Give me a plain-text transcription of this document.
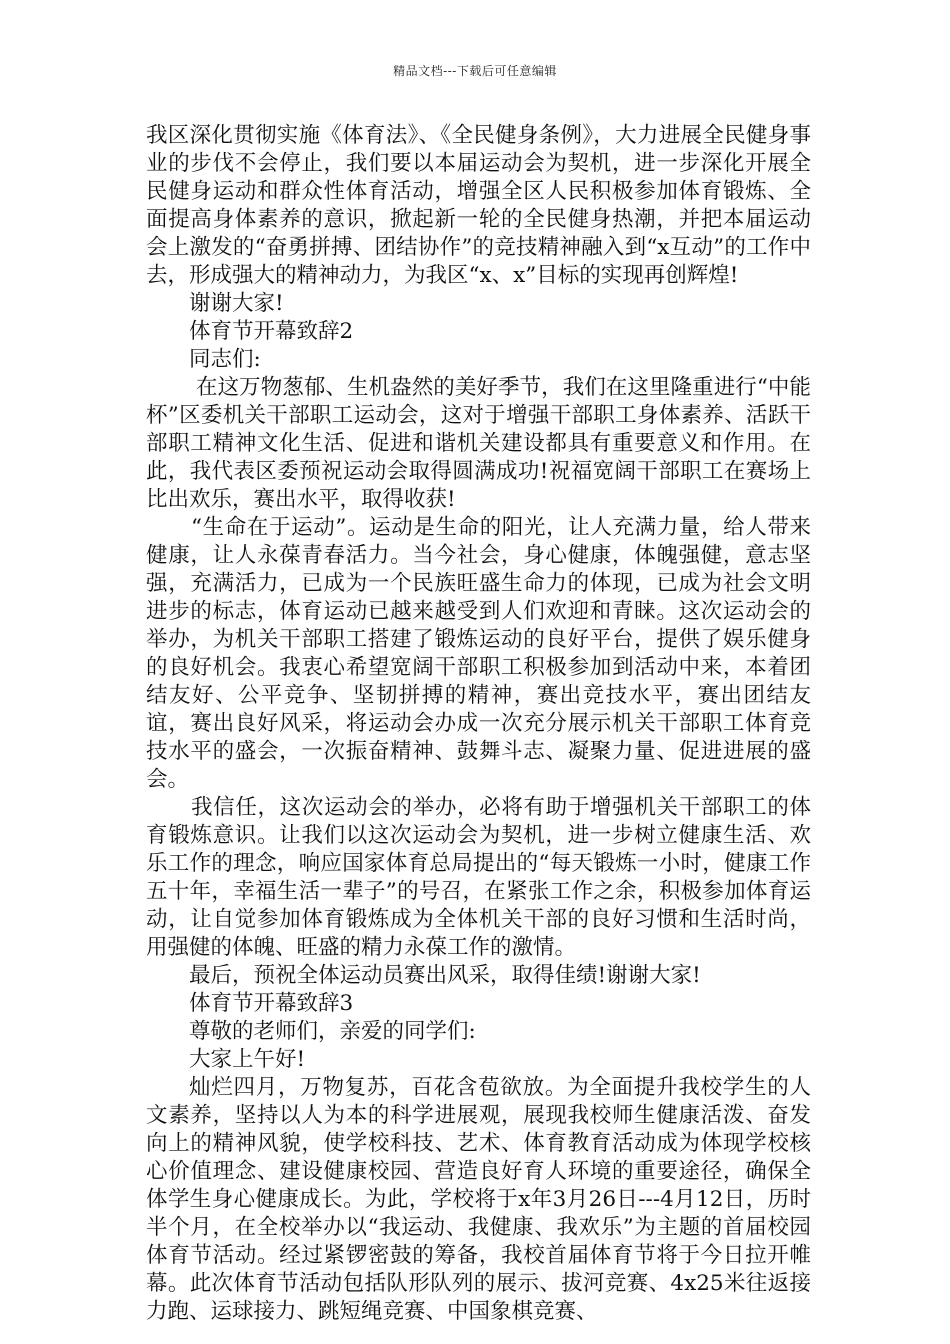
精品文档---下载后可任意编辑

我区深化贯彻实施《体育法》、《全民健身条例》，大力进展全民健身事业的步伐不会停止，我们要以本届运动会为契机，进一步深化开展全民健身运动和群众性体育活动，增强全区人民积极参加体育锻炼、全面提高身体素养的意识，掀起新一轮的全民健身热潮，并把本届运动会上激发的“奋勇拼搏、团结协作”的竞技精神融入到“x互动”的工作中去，形成强大的精神动力，为我区“x、x”目标的实现再创辉煌!

谢谢大家!

体育节开幕致辞2

同志们:

在这万物葱郁、生机盎然的美好季节，我们在这里隆重进行“中能杯”区委机关干部职工运动会，这对于增强干部职工身体素养、活跃干部职工精神文化生活、促进和谐机关建设都具有重要意义和作用。在此，我代表区委预祝运动会取得圆满成功!祝福宽阔干部职工在赛场上比出欢乐，赛出水平，取得收获!

“生命在于运动”。运动是生命的阳光，让人充满力量，给人带来健康，让人永葆青春活力。当今社会，身心健康，体魄强健，意志坚强，充满活力，已成为一个民族旺盛生命力的体现，已成为社会文明进步的标志，体育运动已越来越受到人们欢迎和青睐。这次运动会的举办，为机关干部职工搭建了锻炼运动的良好平台，提供了娱乐健身的良好机会。我衷心希望宽阔干部职工积极参加到活动中来，本着团结友好、公平竞争、坚韧拼搏的精神，赛出竞技水平，赛出团结友谊，赛出良好风采，将运动会办成一次充分展示机关干部职工体育竞技水平的盛会，一次振奋精神、鼓舞斗志、凝聚力量、促进进展的盛会。

我信任，这次运动会的举办，必将有助于增强机关干部职工的体育锻炼意识。让我们以这次运动会为契机，进一步树立健康生活、欢乐工作的理念，响应国家体育总局提出的“每天锻炼一小时，健康工作五十年，幸福生活一辈子”的号召，在紧张工作之余，积极参加体育运动，让自觉参加体育锻炼成为全体机关干部的良好习惯和生活时尚，用强健的体魄、旺盛的精力永葆工作的激情。

最后，预祝全体运动员赛出风采，取得佳绩!谢谢大家!

体育节开幕致辞3

尊敬的老师们，亲爱的同学们:

大家上午好!

灿烂四月，万物复苏，百花含苞欲放。为全面提升我校学生的人文素养，坚持以人为本的科学进展观，展现我校师生健康活泼、奋发向上的精神风貌，使学校科技、艺术、体育教育活动成为体现学校核心价值理念、建设健康校园、营造良好育人环境的重要途径，确保全体学生身心健康成长。为此，学校将于x年3月26日---4月12日，历时半个月，在全校举办以“我运动、我健康、我欢乐”为主题的首届校园体育节活动。经过紧锣密鼓的筹备，我校首届体育节将于今日拉开帷幕。此次体育节活动包括队形队列的展示、拔河竞赛、4x25米往返接力跑、运球接力、跳短绳竞赛、中国象棋竞赛、
